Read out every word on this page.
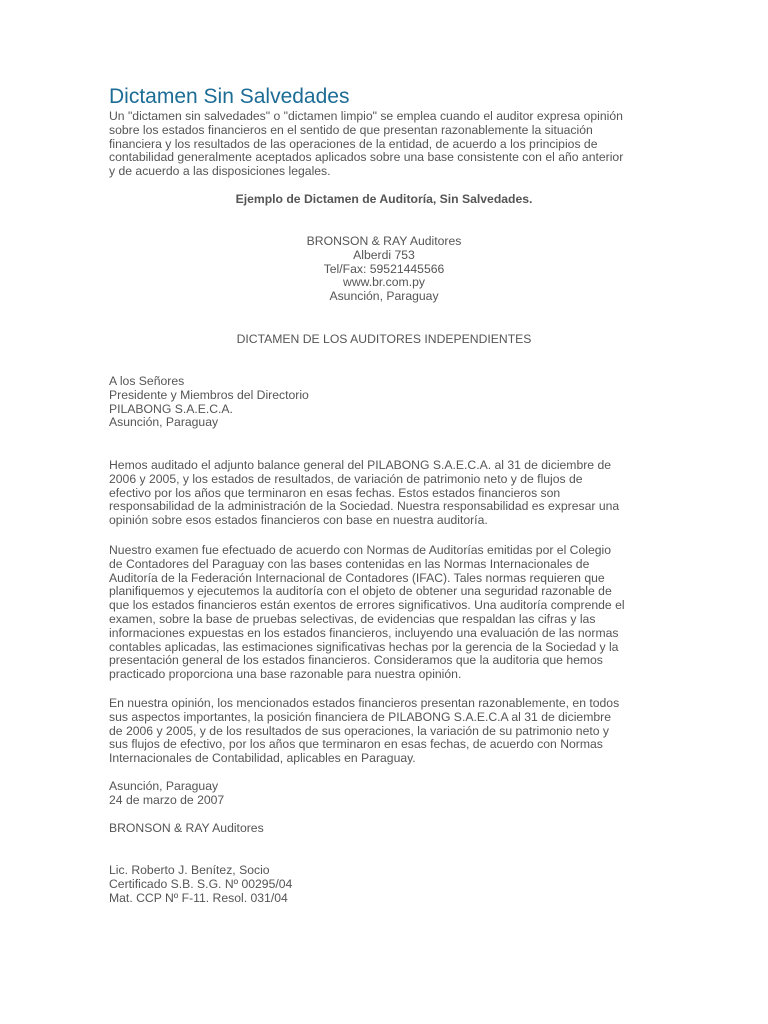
Dictamen Sin Salvedades

Un "dictamen sin salvedades" o "dictamen limpio" se emplea cuando el auditor expresa opinión
sobre los estados financieros en el sentido de que presentan razonablemente la situación
financiera y los resultados de las operaciones de la entidad, de acuerdo a los principios de
contabilidad generalmente aceptados aplicados sobre una base consistente con el año anterior
y de acuerdo a las disposiciones legales.

Ejemplo de Dictamen de Auditoría, Sin Salvedades.

BRONSON & RAY Auditores
Alberdi 753
Tel/Fax: 59521445566
www.br.com.py
Asunción, Paraguay

DICTAMEN DE LOS AUDITORES INDEPENDIENTES

A los Señores
Presidente y Miembros del Directorio
PILABONG S.A.E.C.A.
Asunción, Paraguay

Hemos auditado el adjunto balance general del PILABONG S.A.E.C.A. al 31 de diciembre de
2006 y 2005, y los estados de resultados, de variación de patrimonio neto y de flujos de
efectivo por los años que terminaron en esas fechas. Estos estados financieros son
responsabilidad de la administración de la Sociedad. Nuestra responsabilidad es expresar una
opinión sobre esos estados financieros con base en nuestra auditoría.

Nuestro examen fue efectuado de acuerdo con Normas de Auditorías emitidas por el Colegio
de Contadores del Paraguay con las bases contenidas en las Normas Internacionales de
Auditoría de la Federación Internacional de Contadores (IFAC). Tales normas requieren que
planifiquemos y ejecutemos la auditoría con el objeto de obtener una seguridad razonable de
que los estados financieros están exentos de errores significativos. Una auditoría comprende el
examen, sobre la base de pruebas selectivas, de evidencias que respaldan las cifras y las
informaciones expuestas en los estados financieros, incluyendo una evaluación de las normas
contables aplicadas, las estimaciones significativas hechas por la gerencia de la Sociedad y la
presentación general de los estados financieros. Consideramos que la auditoria que hemos
practicado proporciona una base razonable para nuestra opinión.

En nuestra opinión, los mencionados estados financieros presentan razonablemente, en todos
sus aspectos importantes, la posición financiera de PILABONG S.A.E.C.A al 31 de diciembre
de 2006 y 2005, y de los resultados de sus operaciones, la variación de su patrimonio neto y
sus flujos de efectivo, por los años que terminaron en esas fechas, de acuerdo con Normas
Internacionales de Contabilidad, aplicables en Paraguay.

Asunción, Paraguay
24 de marzo de 2007

BRONSON & RAY Auditores

Lic. Roberto J. Benítez, Socio
Certificado S.B. S.G. Nº 00295/04
Mat. CCP Nº F-11. Resol. 031/04
